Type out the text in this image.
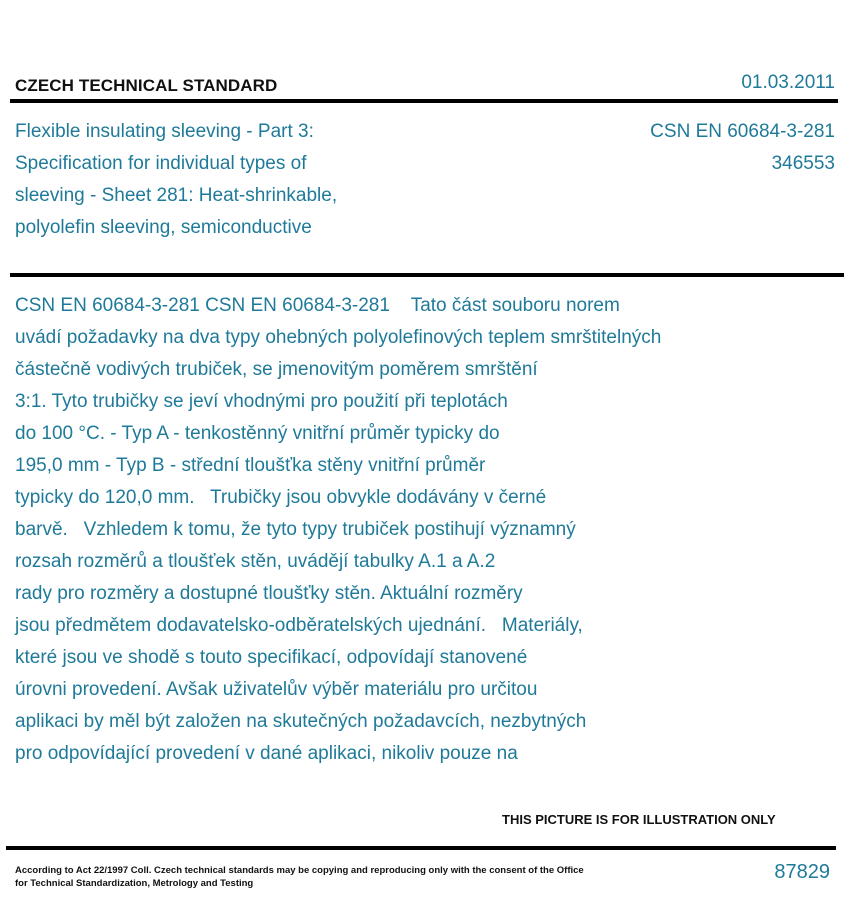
CZECH TECHNICAL STANDARD	01.03.2011
Flexible insulating sleeving - Part 3:
Specification for individual types of
sleeving - Sheet 281: Heat-shrinkable,
polyolefin sleeving, semiconductive
CSN EN 60684-3-281
346553
CSN EN 60684-3-281 CSN EN 60684-3-281    Tato část souboru norem
uvádí požadavky na dva typy ohebných polyolefinových teplem smrštitelných
částečně vodivých trubiček, se jmenovitým poměrem smrštění
3:1. Tyto trubičky se jeví vhodnými pro použití při teplotách
do 100 °C. - Typ A - tenkostěnný vnitřní průměr typicky do
195,0 mm - Typ B - střední tloušťka stěny vnitřní průměr
typicky do 120,0 mm.   Trubičky jsou obvykle dodávány v černé
barvě.   Vzhledem k tomu, že tyto typy trubiček postihují významný
rozsah rozměrů a tloušťek stěn, uvádějí tabulky A.1 a A.2
rady pro rozměry a dostupné tloušťky stěn. Aktuální rozměry
jsou předmětem dodavatelsko-odběratelských ujednání.   Materiály,
které jsou ve shodě s touto specifikací, odpovídají stanovené
úrovni provedení. Avšak uživatelův výběr materiálu pro určitou
aplikaci by měl být založen na skutečných požadavcích, nezbytných
pro odpovídající provedení v dané aplikaci, nikoliv pouze na
THIS PICTURE IS FOR ILLUSTRATION ONLY
According to Act 22/1997 Coll. Czech technical standards may be copying and reproducing only with the consent of the Office
for Technical Standardization, Metrology and Testing
87829
